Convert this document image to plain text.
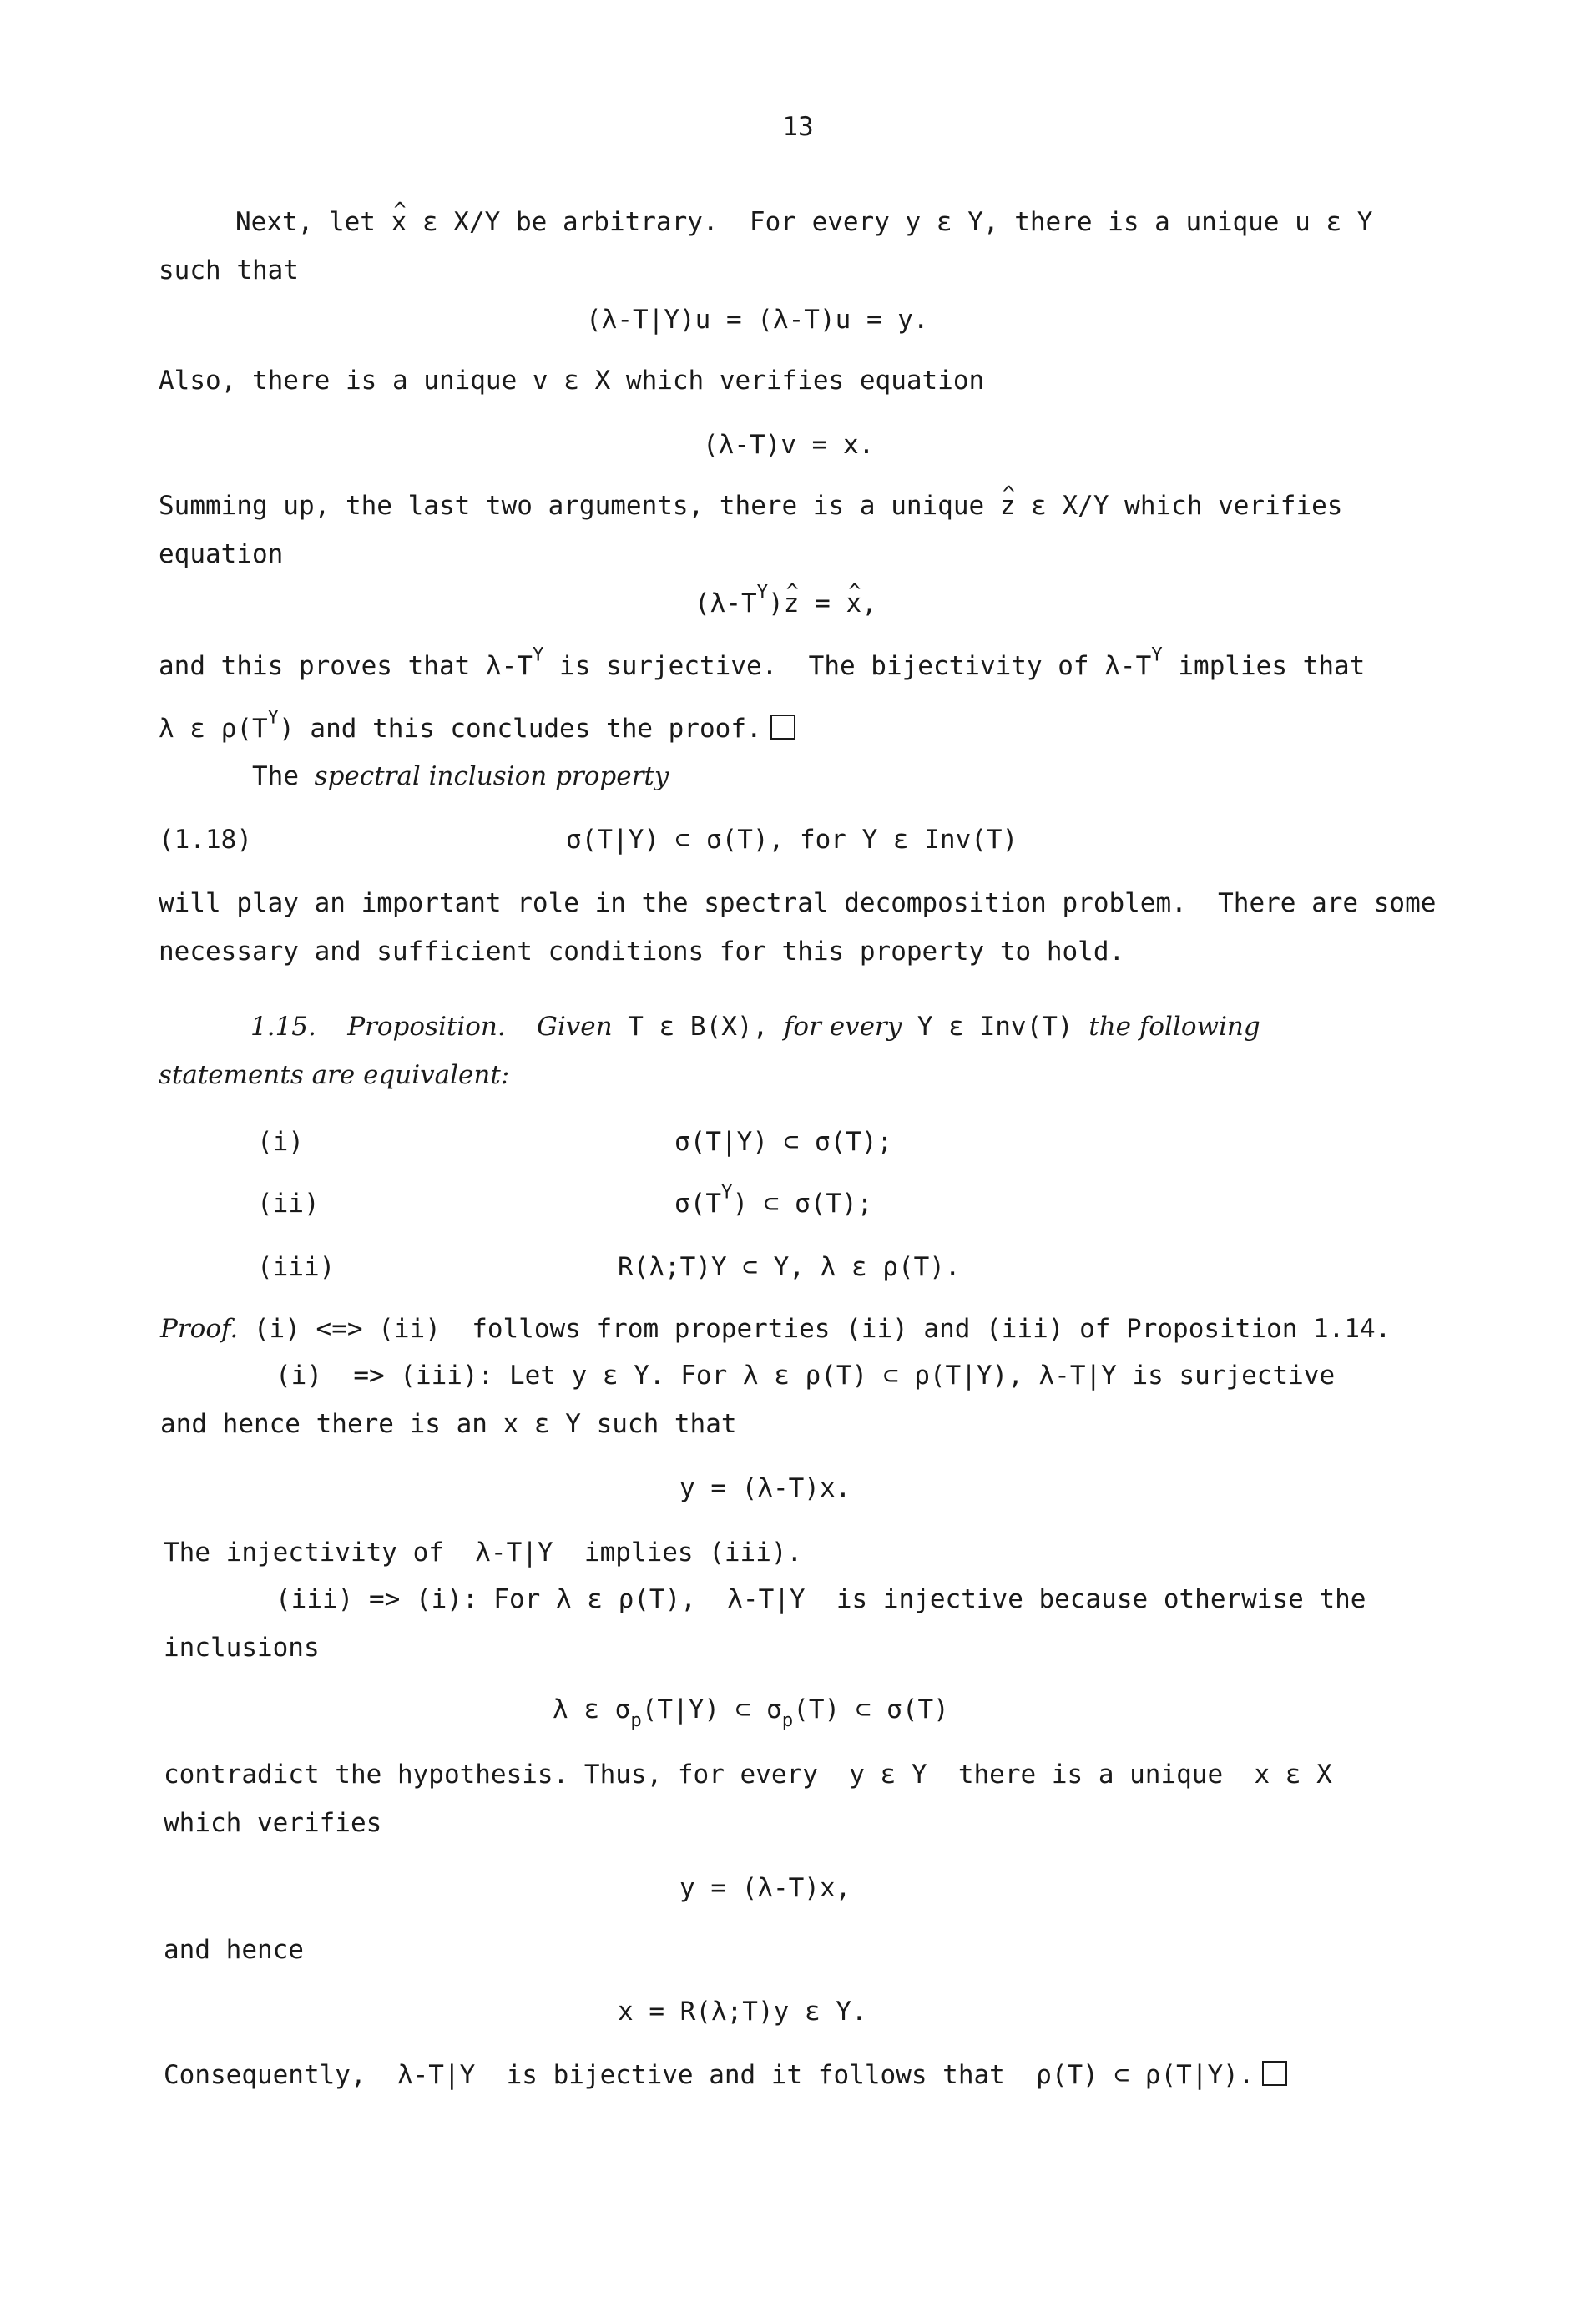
13
Next, let ^ x ε X/Y be arbitrary.  For every y ε Y, there is a unique u ε Y
such that
(λ-T|Y)u = (λ-T)u = y.
Also, there is a unique v ε X which verifies equation
(λ-T)v = x.
Summing up, the last two arguments, there is a unique ^ z ε X/Y which verifies
equation
$(\lambda-T^Y)\^{}$ z = ^ x,
and this proves that $\lambda-T^Y$ is surjective.  The bijectivity of $\lambda-T^Y$ implies that
λ ε $\rho(T^Y)$ and this concludes the proof.
The spectral inclusion property
(1.18)	σ(T|Y) ⊂ σ(T), for Y ε Inv(T)
will play an important role in the spectral decomposition problem.  There are some
necessary and sufficient conditions for this property to hold.
1.15. Proposition. Given T ε B(X), for every Y ε Inv(T) the following
statements are equivalent:
(i)	σ(T|Y) ⊂ σ(T);
(ii)	$\sigma(T^Y)$ ⊂ σ(T);
(iii)	R(λ;T)Y ⊂ Y, λ ε ρ(T).
Proof. (i) <=> (ii)  follows from properties (ii) and (iii) of Proposition 1.14.
(i)  => (iii): Let y ε Y. For λ ε ρ(T) ⊂ ρ(T|Y), λ-T|Y is surjective
and hence there is an x ε Y such that
y = (λ-T)x.
The injectivity of  λ-T|Y  implies (iii).
(iii) => (i): For λ ε ρ(T),  λ-T|Y  is injective because otherwise the
inclusions
λ ε $\sigma_p(T|Y)$ ⊂ $\sigma_p(T)$ ⊂ σ(T)
contradict the hypothesis. Thus, for every  y ε Y  there is a unique  x ε X
which verifies
y = (λ-T)x,
and hence
x = R(λ;T)y ε Y.
Consequently,  λ-T|Y  is bijective and it follows that  ρ(T) ⊂ ρ(T|Y).
